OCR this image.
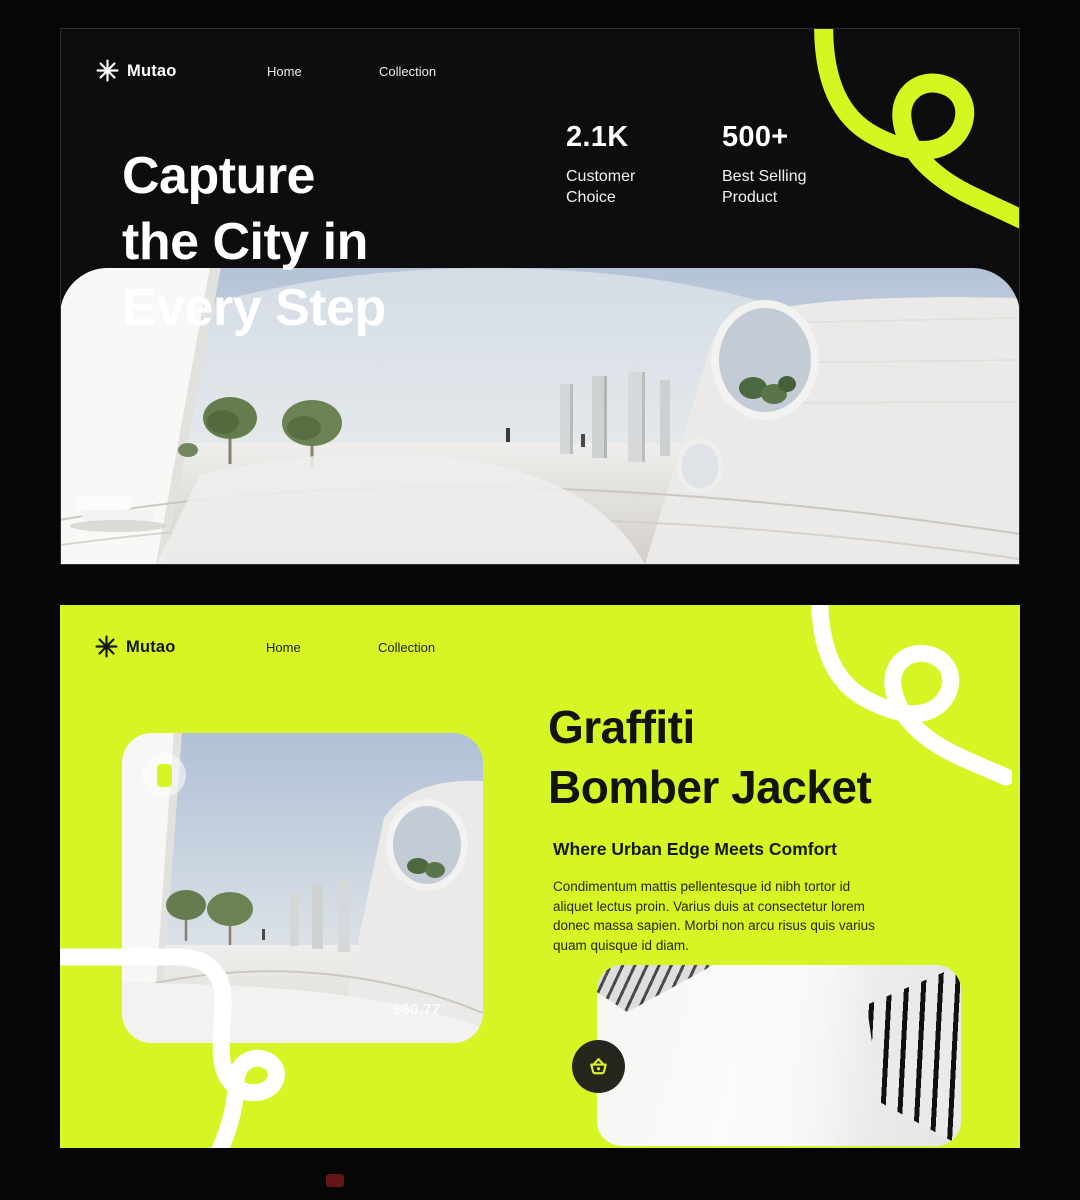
Mutao	Home	Collection
Capture
the City in
Every Step
2.1K
Customer Choice
500+
Best Selling Product
Mutao	Home	Collection
$60.77
Graffiti
Bomber Jacket
Where Urban Edge Meets Comfort

Condimentum mattis pellentesque id nibh tortor id aliquet lectus proin. Varius duis at consectetur lorem donec massa sapien. Morbi non arcu risus quis varius quam quisque id diam.
